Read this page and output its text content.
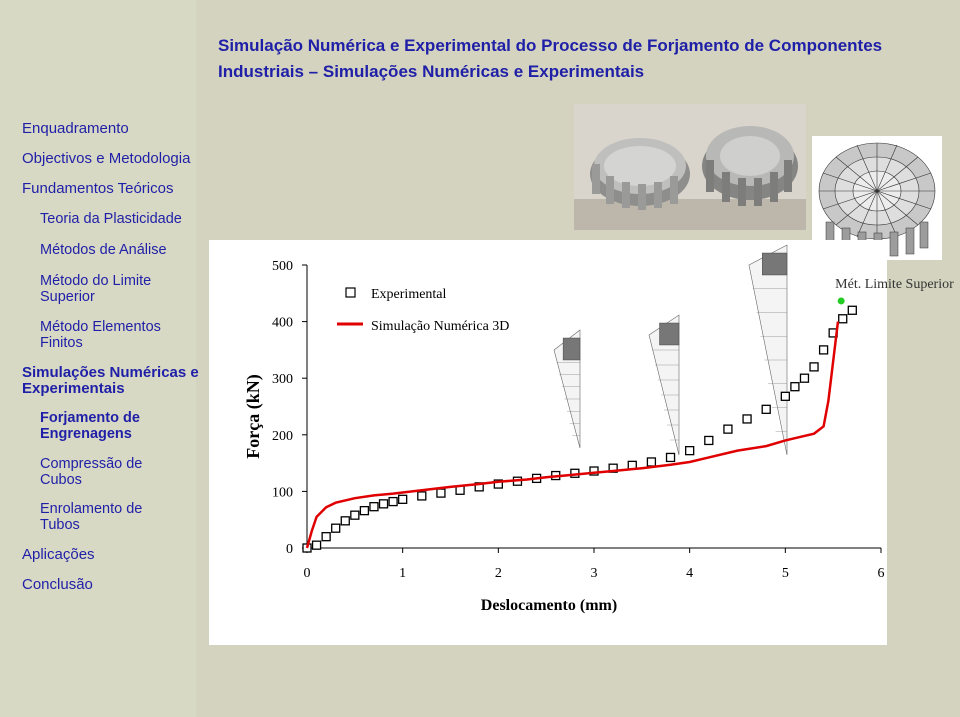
Simulação Numérica e Experimental do Processo de Forjamento de Componentes Industriais – Simulações Numéricas e Experimentais
Enquadramento
Objectivos e Metodologia
Fundamentos Teóricos
Teoria da Plasticidade
Métodos de Análise
Método do Limite
Superior
Método Elementos
Finitos
Simulações Numéricas e
Experimentais
Forjamento de
Engrenagens
Compressão de
Cubos
Enrolamento de
Tubos
Aplicações
Conclusão
0	1	2	3	4	5	6
0
100
200
300
400
500
Deslocamento (mm)
Força (kN)
Mét. Limite Superior
Experimental
Simulação Numérica 3D
